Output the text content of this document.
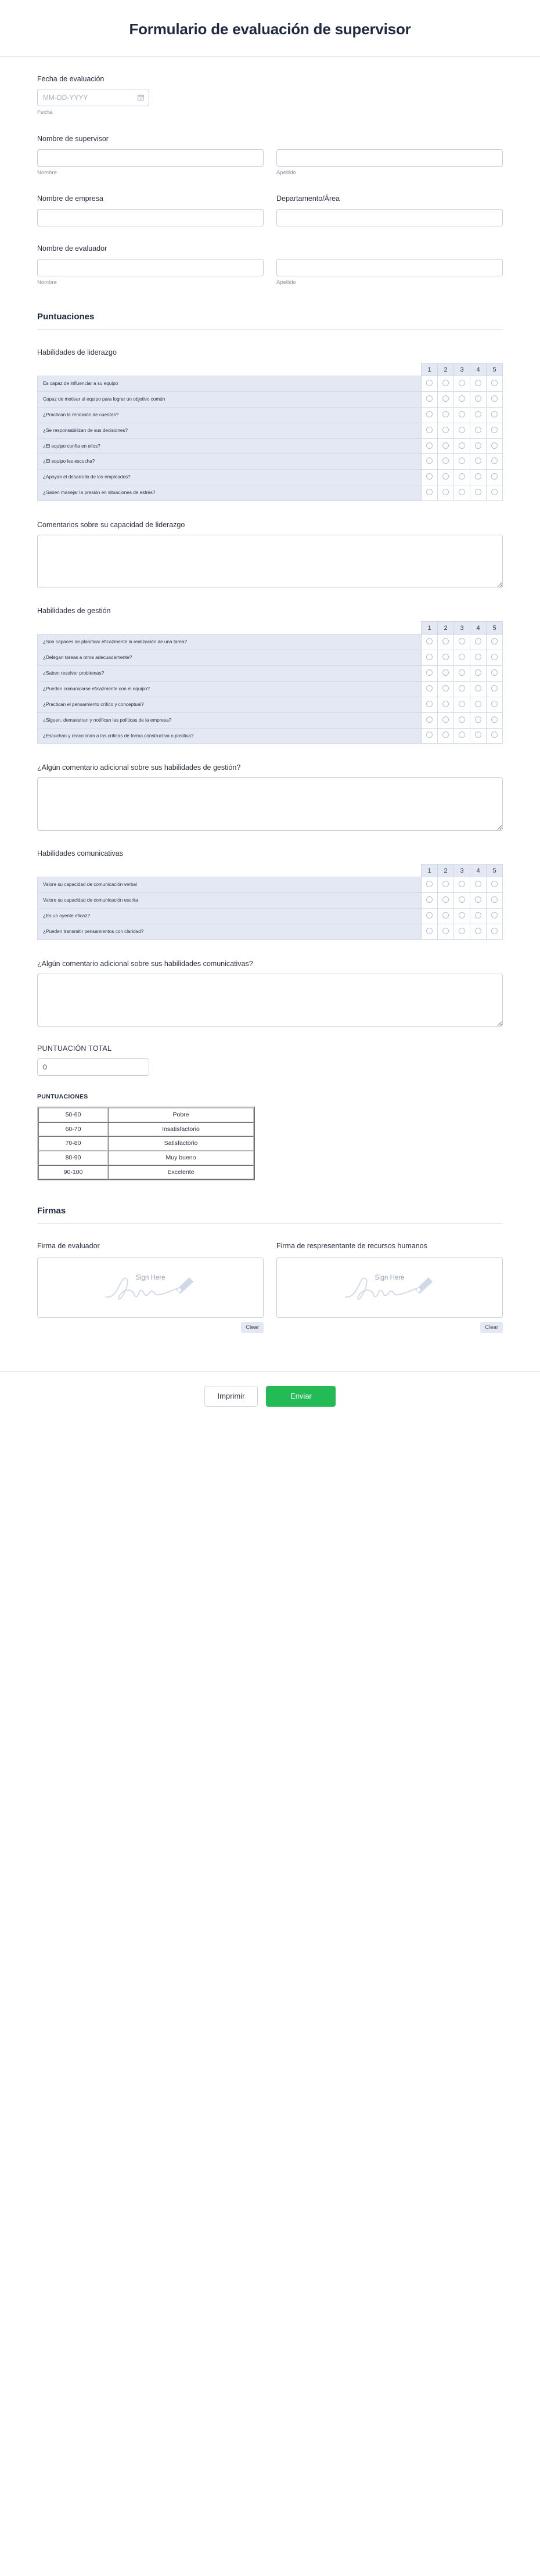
Formulario de evaluación de supervisor
Fecha de evaluación
MM-DD-YYYY
Fecha
Nombre de supervisor
Nombre	Apellido
Nombre de empresa	Departamento/Área
Nombre de evaluador
Nombre	Apellido
Puntuaciones
Habilidades de liderazgo
	1	2	3	4	5
Es capaz de influenciar a su equipo					
Capaz de motivar al equipo para lograr un objetivo común					
¿Practican la rendición de cuentas?					
¿Se responsabilizan de sus decisiones?					
¿El equipo confía en ellos?					
¿El equipo les escucha?					
¿Apoyan el desarrollo de los empleados?					
¿Saben manejar la presión en situaciones de estrés?					
Comentarios sobre su capacidad de liderazgo
Habilidades de gestión
	1	2	3	4	5
¿Son capaces de planificar eficazmente la realización de una tarea?					
¿Delegan tareas a otros adecuadamente?					
¿Saben resolver problemas?					
¿Pueden comunicarse eficazmente con el equipo?					
¿Practican el pensamiento crítico y conceptual?					
¿Siguen, demuestran y notifican las políticas de la empresa?					
¿Escuchan y reaccionan a las críticas de forma constructiva o positiva?					
¿Algún comentario adicional sobre sus habilidades de gestión?
Habilidades comunicativas
	1	2	3	4	5
Valore su capacidad de comunicación verbal					
Valore su capacidad de comunicación escrita					
¿Es un oyente eficaz?					
¿Pueden transmitir pensamientos con claridad?					
¿Algún comentario adicional sobre sus habilidades comunicativas?
PUNTUACIÓN TOTAL
0
PUNTUACIONES
50-60	Pobre
60-70	Insatisfactorio
70-80	Satisfactorio
80-90	Muy bueno
90-100	Excelente
Firmas
Firma de evaluador
Sign Here
Clear
Firma de respresentante de recursos humanos
Sign Here
Clear
Imprimir	Enviar
